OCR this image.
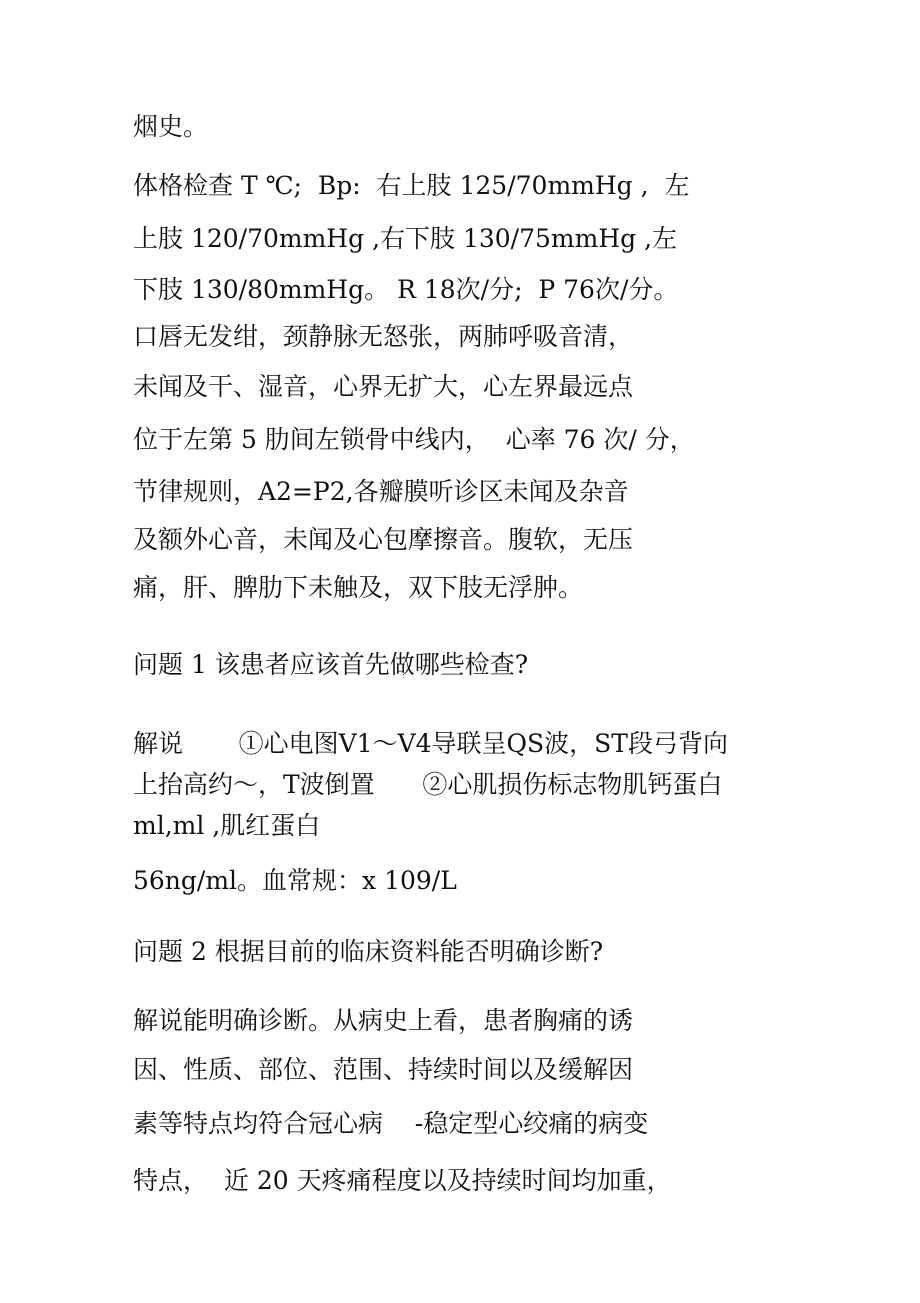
烟史。
体格检查 T ℃;  Bp:  右上肢 125/70mmHg ,  左
上肢 120/70mmHg ,右下肢 130/75mmHg ,左
下肢 130/80mmHg。 R 18次/分;  P 76次/分。
口唇无发绀，颈静脉无怒张，两肺呼吸音清，
未闻及干、湿音，心界无扩大，心左界最远点
位于左第 5 肋间左锁骨中线内，  心率 76 次/ 分，
节律规则，A2=P2,各瓣膜听诊区未闻及杂音
及额外心音，未闻及心包摩擦音。腹软，无压
痛，肝、脾肋下未触及，双下肢无浮肿。
问题 1 该患者应该首先做哪些检查?
解说       ①心电图V1～V4导联呈QS波，ST段弓背向
上抬高约～，T波倒置      ②心肌损伤标志物肌钙蛋白
ml,ml ,肌红蛋白
56ng/ml。血常规：x 109/L
问题 2 根据目前的临床资料能否明确诊断?
解说能明确诊断。从病史上看，患者胸痛的诱
因、性质、部位、范围、持续时间以及缓解因
素等特点均符合冠心病    -稳定型心绞痛的病变
特点，  近 20 天疼痛程度以及持续时间均加重，
